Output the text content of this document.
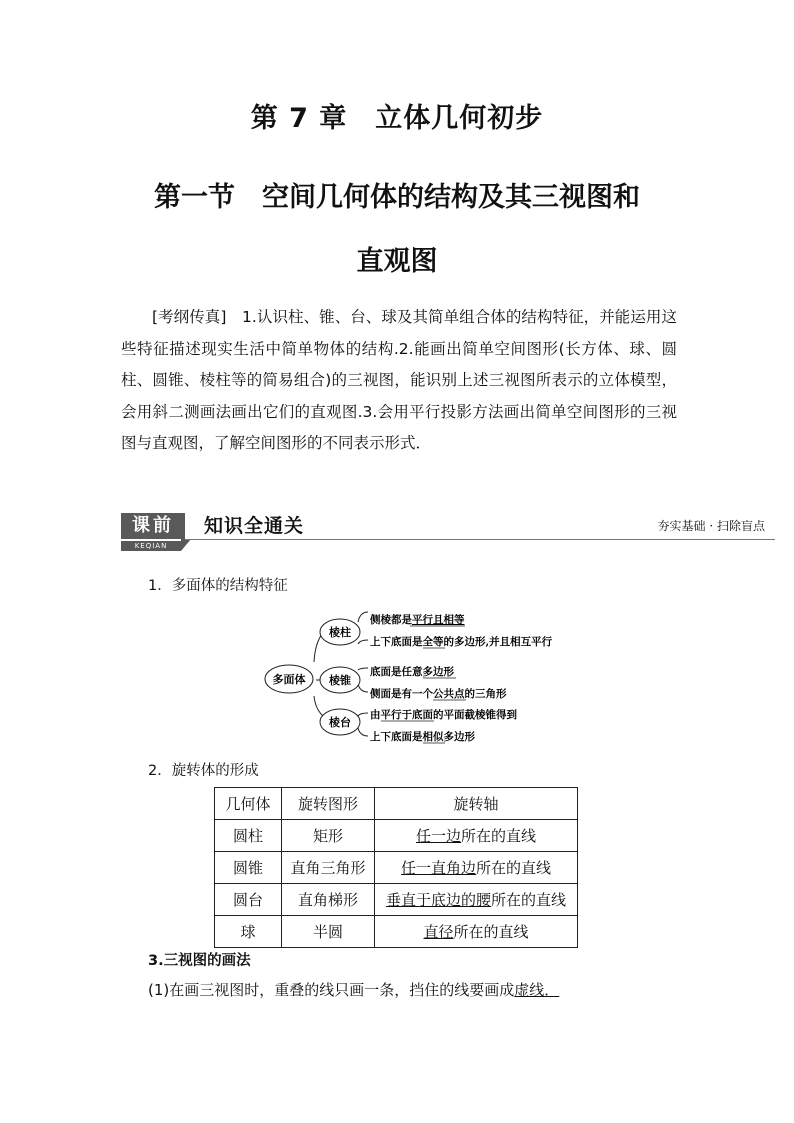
第 7 章　立体几何初步
第一节　空间几何体的结构及其三视图和
直观图

[考纲传真]　1.认识柱、锥、台、球及其简单组合体的结构特征，并能运用这些特征描述现实生活中简单物体的结构.2.能画出简单空间图形(长方体、球、圆柱、圆锥、棱柱等的简易组合)的三视图，能识别上述三视图所表示的立体模型，会用斜二测画法画出它们的直观图.3.会用平行投影方法画出简单空间图形的三视图与直观图，了解空间图形的不同表示形式．

课前
KEQIAN
知识全通关	夯实基础 · 扫除盲点
1．多面体的结构特征
多面体
棱柱
棱锥
棱台
侧棱都是平行且相等
上下底面是全等的多边形,并且相互平行
底面是任意多边形
侧面是有一个公共点的三角形
由平行于底面的平面截棱锥得到
上下底面是相似多边形
2．旋转体的形成
几何体	旋转图形	旋转轴
圆柱	矩形	任一边所在的直线
圆锥	直角三角形	任一直角边所在的直线
圆台	直角梯形	垂直于底边的腰所在的直线
球	半圆	直径所在的直线
3.三视图的画法
(1)在画三视图时，重叠的线只画一条，挡住的线要画成虚线．
